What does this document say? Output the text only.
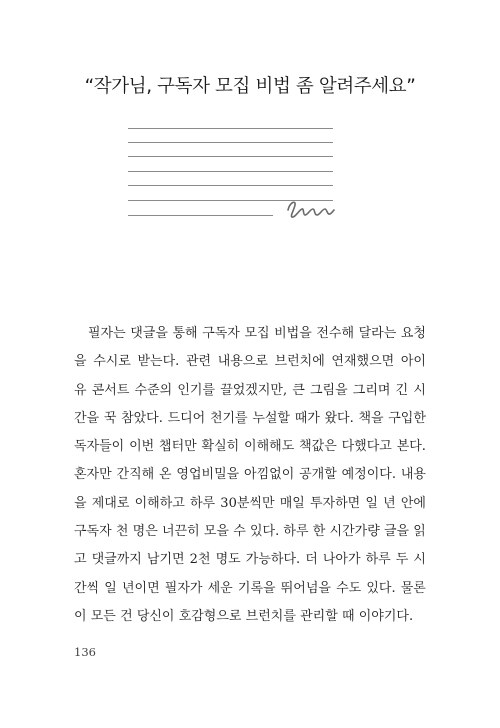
“작가님, 구독자 모집 비법 좀 알려주세요”
필자는 댓글을 통해 구독자 모집 비법을 전수해 달라는 요청
을 수시로 받는다. 관련 내용으로 브런치에 연재했으면 아이
유 콘서트 수준의 인기를 끌었겠지만, 큰 그림을 그리며 긴 시
간을 꾹 참았다. 드디어 천기를 누설할 때가 왔다. 책을 구입한
독자들이 이번 챕터만 확실히 이해해도 책값은 다했다고 본다.
혼자만 간직해 온 영업비밀을 아낌없이 공개할 예정이다. 내용
을 제대로 이해하고 하루 30분씩만 매일 투자하면 일 년 안에
구독자 천 명은 너끈히 모을 수 있다. 하루 한 시간가량 글을 읽
고 댓글까지 남기면 2천 명도 가능하다. 더 나아가 하루 두 시
간씩 일 년이면 필자가 세운 기록을 뛰어넘을 수도 있다. 물론
이 모든 건 당신이 호감형으로 브런치를 관리할 때 이야기다.
136
